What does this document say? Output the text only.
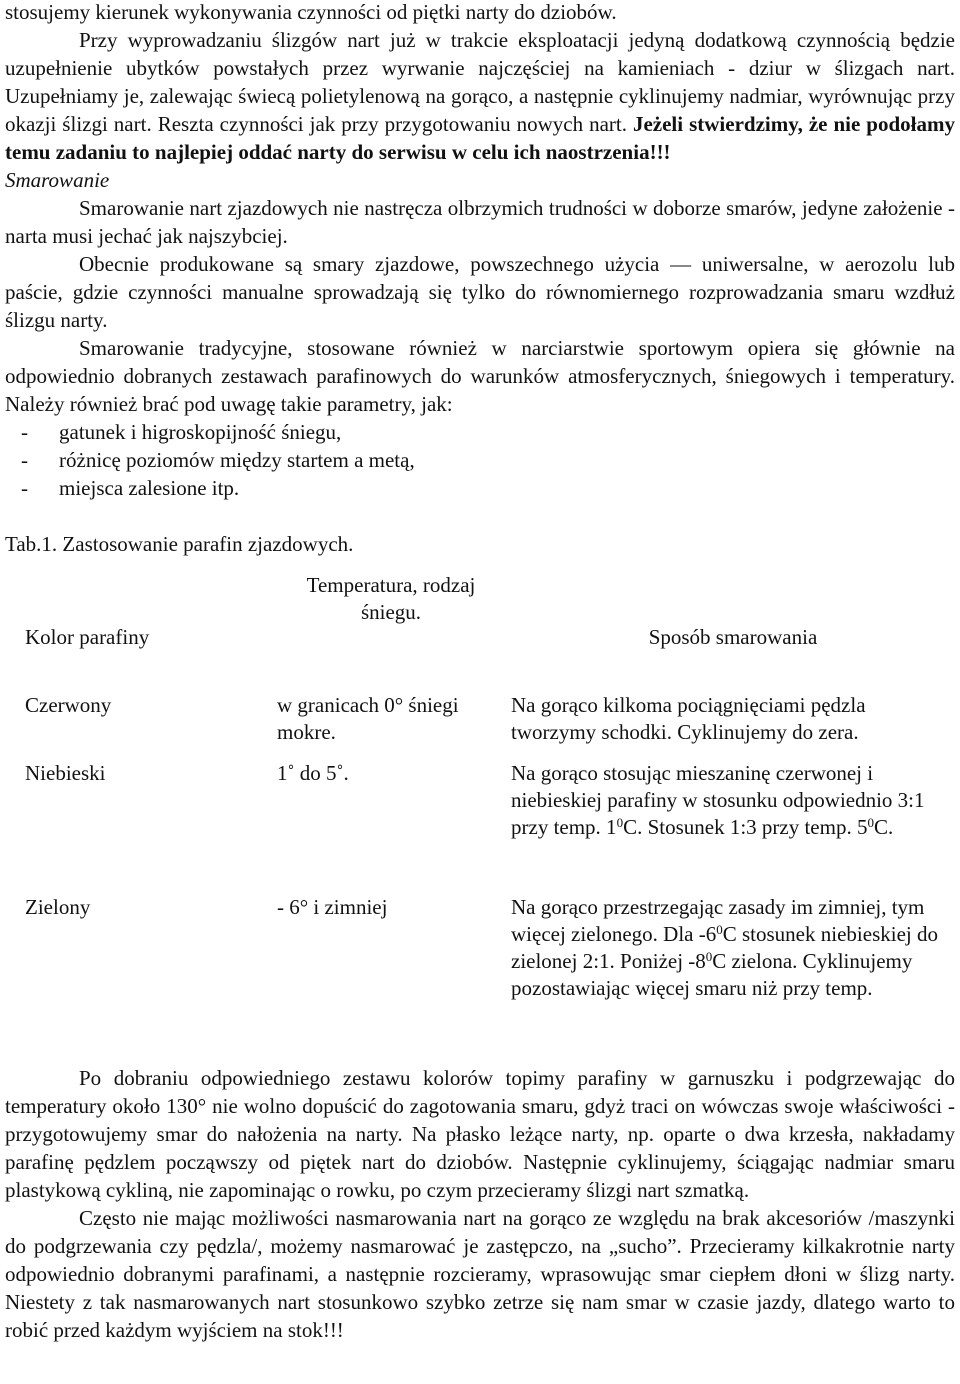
stosujemy kierunek wykonywania czynności od piętki narty do dziobów.

Przy wyprowadzaniu ślizgów nart już w trakcie eksploatacji jedyną dodatkową czynnością będzie uzupełnienie ubytków powstałych przez wyrwanie najczęściej na kamieniach - dziur w ślizgach nart. Uzupełniamy je, zalewając świecą polietylenową na gorąco, a następnie cyklinujemy nadmiar, wyrównując przy okazji ślizgi nart. Reszta czynności jak przy przygotowaniu nowych nart. Jeżeli stwierdzimy, że nie podołamy temu zadaniu to najlepiej oddać narty do serwisu w celu ich naostrzenia!!!

Smarowanie

Smarowanie nart zjazdowych nie nastręcza olbrzymich trudności w doborze smarów, jedyne założenie - narta musi jechać jak najszybciej.

Obecnie produkowane są smary zjazdowe, powszechnego użycia — uniwersalne, w aerozolu lub paście, gdzie czynności manualne sprowadzają się tylko do równomiernego rozprowadzania smaru wzdłuż ślizgu narty.

Smarowanie tradycyjne, stosowane również w narciarstwie sportowym opiera się głównie na odpowiednio dobranych zestawach parafinowych do warunków atmosferycznych, śniegowych i temperatury. Należy również brać pod uwagę takie parametry, jak:

- gatunek i higroskopijność śniegu,
- różnicę poziomów między startem a metą,
- miejsca zalesione itp.

Tab.1. Zastosowanie parafin zjazdowych.

Kolor parafiny	Temperatura, rodzaj śniegu.	Sposób smarowania
Czerwony	w granicach 0° śniegi mokre.	Na gorąco kilkoma pociągnięciami pędzla tworzymy schodki. Cyklinujemy do zera.
Niebieski	1˚ do 5˚.	Na gorąco stosując mieszaninę czerwonej i niebieskiej parafiny w stosunku odpowiednio 3:1 przy temp. $1^0C$. Stosunek 1:3 przy temp. $5^0C$.
Zielony	- 6° i zimniej	Na gorąco przestrzegając zasady im zimniej, tym więcej zielonego. Dla $-6^0C$ stosunek niebieskiej do zielonej 2:1. Poniżej $-8^0C$ zielona. Cyklinujemy pozostawiając więcej smaru niż przy temp.

Po dobraniu odpowiedniego zestawu kolorów topimy parafiny w garnuszku i podgrzewając do temperatury około 130° nie wolno dopuścić do zagotowania smaru, gdyż traci on wówczas swoje właściwości - przygotowujemy smar do nałożenia na narty. Na płasko leżące narty, np. oparte o dwa krzesła, nakładamy parafinę pędzlem począwszy od piętek nart do dziobów. Następnie cyklinujemy, ściągając nadmiar smaru plastykową cykliną, nie zapominając o rowku, po czym przecieramy ślizgi nart szmatką.

Często nie mając możliwości nasmarowania nart na gorąco ze względu na brak akcesoriów /maszynki do podgrzewania czy pędzla/, możemy nasmarować je zastępczo, na „sucho”. Przecieramy kilkakrotnie narty odpowiednio dobranymi parafinami, a następnie rozcieramy, wprasowując smar ciepłem dłoni w ślizg narty. Niestety z tak nasmarowanych nart stosunkowo szybko zetrze się nam smar w czasie jazdy, dlatego warto to robić przed każdym wyjściem na stok!!!
